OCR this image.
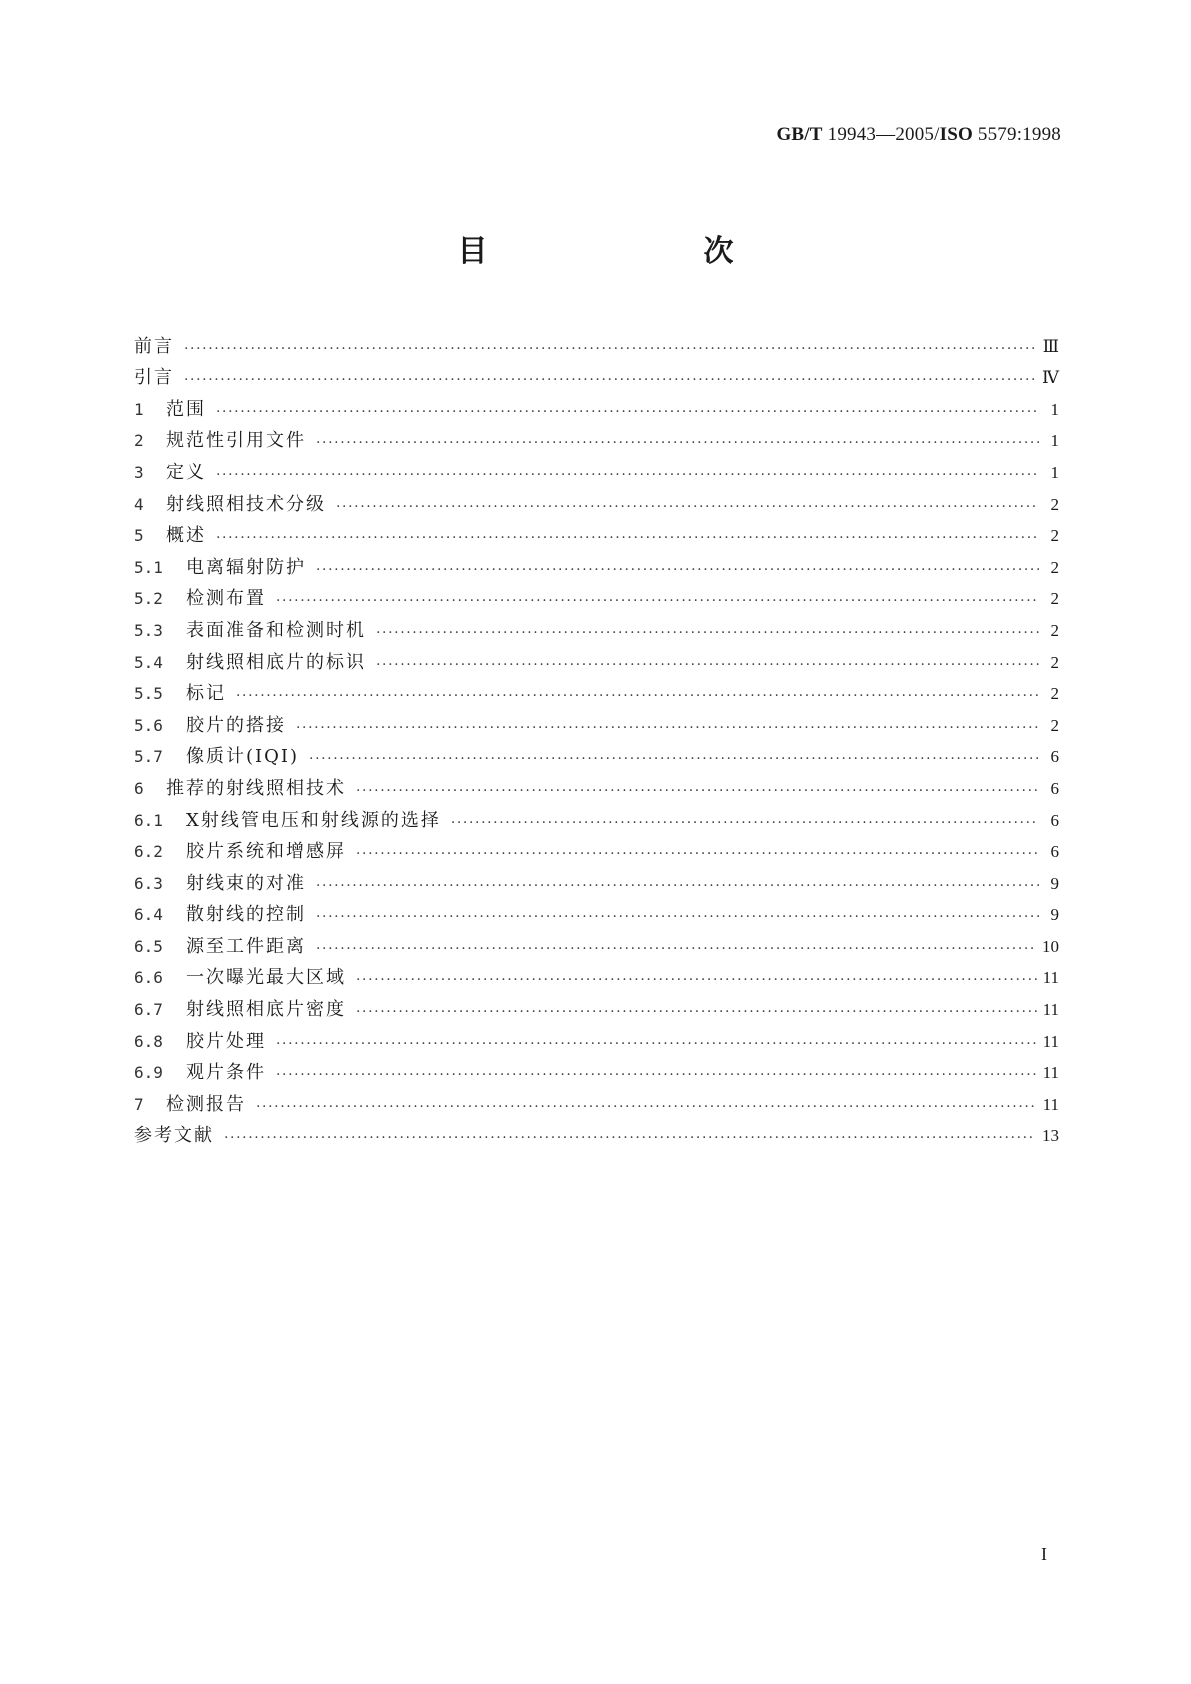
GB/T 19943—2005/ISO 5579:1998
目　　次
前言 ·····	Ⅲ
引言 ·····	Ⅳ
1	范围 ·····	1
2	规范性引用文件 ·····	1
3	定义 ·····	1
4	射线照相技术分级 ·····	2
5	概述 ·····	2
5.1	电离辐射防护 ·····	2
5.2	检测布置 ·····	2
5.3	表面准备和检测时机 ·····	2
5.4	射线照相底片的标识 ·····	2
5.5	标记 ·····	2
5.6	胶片的搭接 ·····	2
5.7	像质计(IQI) ·····	6
6	推荐的射线照相技术 ·····	6
6.1	X射线管电压和射线源的选择 ·····	6
6.2	胶片系统和增感屏 ·····	6
6.3	射线束的对准 ·····	9
6.4	散射线的控制 ·····	9
6.5	源至工件距离 ·····	10
6.6	一次曝光最大区域 ·····	11
6.7	射线照相底片密度 ·····	11
6.8	胶片处理 ·····	11
6.9	观片条件 ·····	11
7	检测报告 ·····	11
参考文献 ·····	13
I
